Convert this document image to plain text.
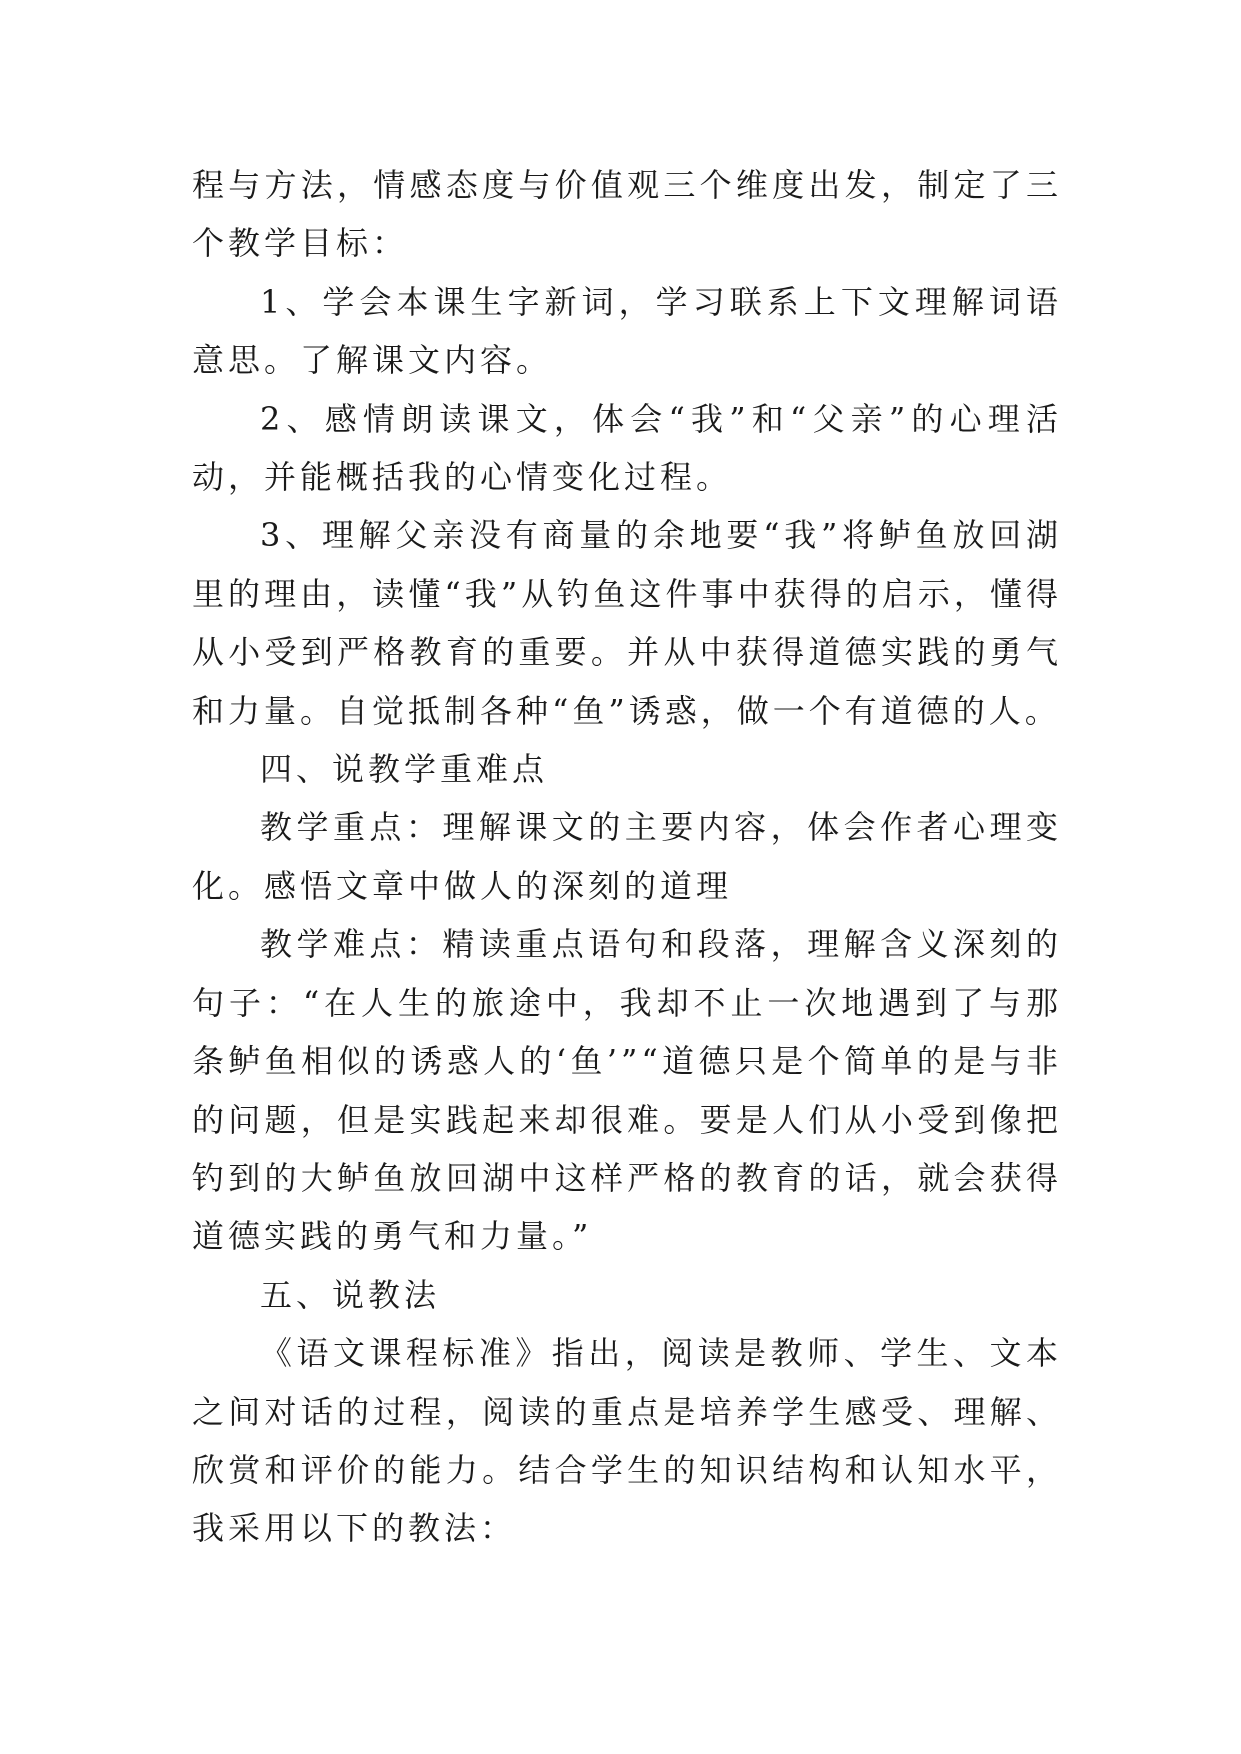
程与方法，情感态度与价值观三个维度出发，制定了三个教学目标：

1、学会本课生字新词，学习联系上下文理解词语意思。了解课文内容。

2、感情朗读课文，体会“我”和“父亲”的心理活动，并能概括我的心情变化过程。

3、理解父亲没有商量的余地要“我”将鲈鱼放回湖里的理由，读懂“我”从钓鱼这件事中获得的启示，懂得从小受到严格教育的重要。并从中获得道德实践的勇气和力量。自觉抵制各种“鱼”诱惑，做一个有道德的人。

四、说教学重难点

教学重点：理解课文的主要内容，体会作者心理变化。感悟文章中做人的深刻的道理

教学难点：精读重点语句和段落，理解含义深刻的句子：“在人生的旅途中，我却不止一次地遇到了与那条鲈鱼相似的诱惑人的‘鱼’”“道德只是个简单的是与非的问题，但是实践起来却很难。要是人们从小受到像把钓到的大鲈鱼放回湖中这样严格的教育的话，就会获得道德实践的勇气和力量。”

五、说教法

《语文课程标准》指出，阅读是教师、学生、文本之间对话的过程，阅读的重点是培养学生感受、理解、欣赏和评价的能力。结合学生的知识结构和认知水平，我采用以下的教法：
